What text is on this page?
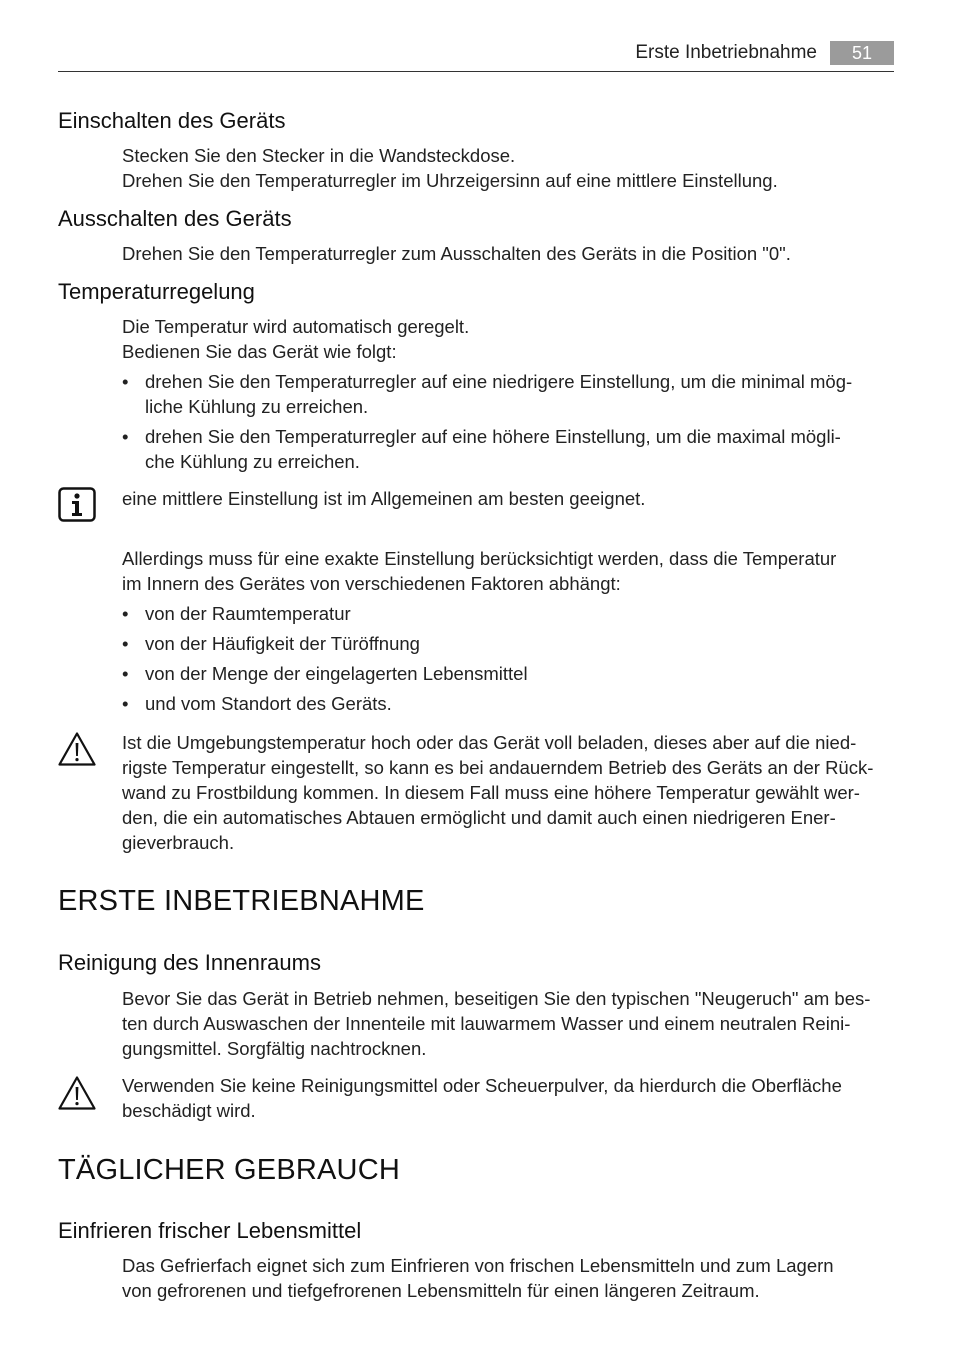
Erste Inbetriebnahme	51
Einschalten des Geräts
Stecken Sie den Stecker in die Wandsteckdose.
Drehen Sie den Temperaturregler im Uhrzeigersinn auf eine mittlere Einstellung.
Ausschalten des Geräts
Drehen Sie den Temperaturregler zum Ausschalten des Geräts in die Position "0".
Temperaturregelung
Die Temperatur wird automatisch geregelt.
Bedienen Sie das Gerät wie folgt:
• drehen Sie den Temperaturregler auf eine niedrigere Einstellung, um die minimal mög-
liche Kühlung zu erreichen.
• drehen Sie den Temperaturregler auf eine höhere Einstellung, um die maximal mögli-
che Kühlung zu erreichen.
eine mittlere Einstellung ist im Allgemeinen am besten geeignet.
Allerdings muss für eine exakte Einstellung berücksichtigt werden, dass die Temperatur
im Innern des Gerätes von verschiedenen Faktoren abhängt:
• von der Raumtemperatur
• von der Häufigkeit der Türöffnung
• von der Menge der eingelagerten Lebensmittel
• und vom Standort des Geräts.
Ist die Umgebungstemperatur hoch oder das Gerät voll beladen, dieses aber auf die nied-
rigste Temperatur eingestellt, so kann es bei andauerndem Betrieb des Geräts an der Rück-
wand zu Frostbildung kommen. In diesem Fall muss eine höhere Temperatur gewählt wer-
den, die ein automatisches Abtauen ermöglicht und damit auch einen niedrigeren Ener-
gieverbrauch.
ERSTE INBETRIEBNAHME
Reinigung des Innenraums
Bevor Sie das Gerät in Betrieb nehmen, beseitigen Sie den typischen "Neugeruch" am bes-
ten durch Auswaschen der Innenteile mit lauwarmem Wasser und einem neutralen Reini-
gungsmittel. Sorgfältig nachtrocknen.
Verwenden Sie keine Reinigungsmittel oder Scheuerpulver, da hierdurch die Oberfläche
beschädigt wird.
TÄGLICHER GEBRAUCH
Einfrieren frischer Lebensmittel
Das Gefrierfach eignet sich zum Einfrieren von frischen Lebensmitteln und zum Lagern
von gefrorenen und tiefgefrorenen Lebensmitteln für einen längeren Zeitraum.
